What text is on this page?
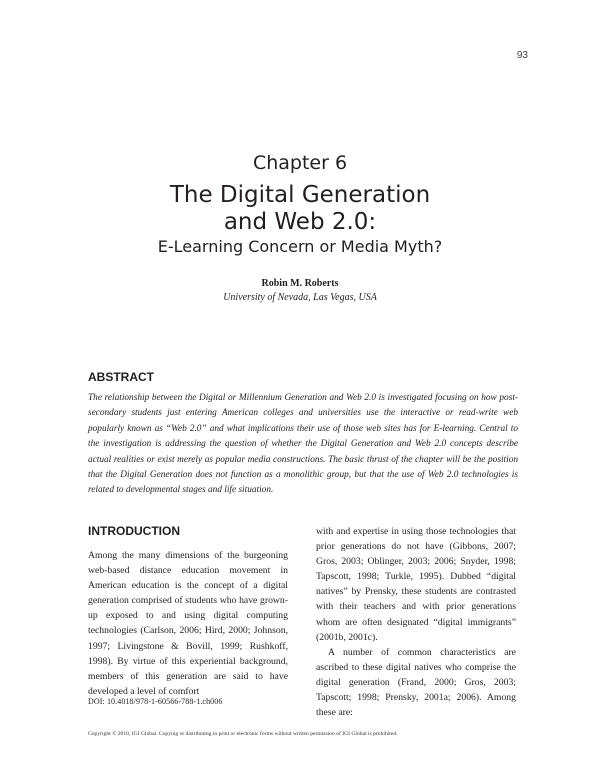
93
Chapter 6
The Digital Generation
and Web 2.0:
E-Learning Concern or Media Myth?
Robin M. Roberts
University of Nevada, Las Vegas, USA
ABSTRACT
The relationship between the Digital or Millennium Generation and Web 2.0 is investigated focusing on how post-secondary students just entering American colleges and universities use the interactive or read-write web popularly known as “Web 2.0” and what implications their use of those web sites has for E-learning. Central to the investigation is addressing the question of whether the Digital Generation and Web 2.0 concepts describe actual realities or exist merely as popular media constructions. The basic thrust of the chapter will be the position that the Digital Generation does not function as a monolithic group, but that the use of Web 2.0 technologies is related to developmental stages and life situation.
INTRODUCTION

Among the many dimensions of the burgeoning web-based distance education movement in American education is the concept of a digital generation comprised of students who have grown-up exposed to and using digital computing technologies (Carlson, 2006; Hird, 2000; Johnson, 1997; Livingstone & Bovill, 1999; Rushkoff, 1998). By virtue of this experiential background, members of this generation are said to have developed a level of comfort

with and expertise in using those technologies that prior generations do not have (Gibbons, 2007; Gros, 2003; Oblinger, 2003; 2006; Snyder, 1998; Tapscott, 1998; Turkle, 1995). Dubbed “digital natives” by Prensky, these students are contrasted with their teachers and with prior generations whom are often designated “digital immigrants” (2001b, 2001c).

A number of common characteristics are ascribed to these digital natives who comprise the digital generation (Frand, 2000; Gros, 2003; Tapscott; 1998; Prensky, 2001a; 2006). Among these are:

DOI: 10.4018/978-1-60566-788-1.ch006
Copyright © 2010, IGI Global. Copying or distributing in print or electronic forms without written permission of IGI Global is prohibited.
